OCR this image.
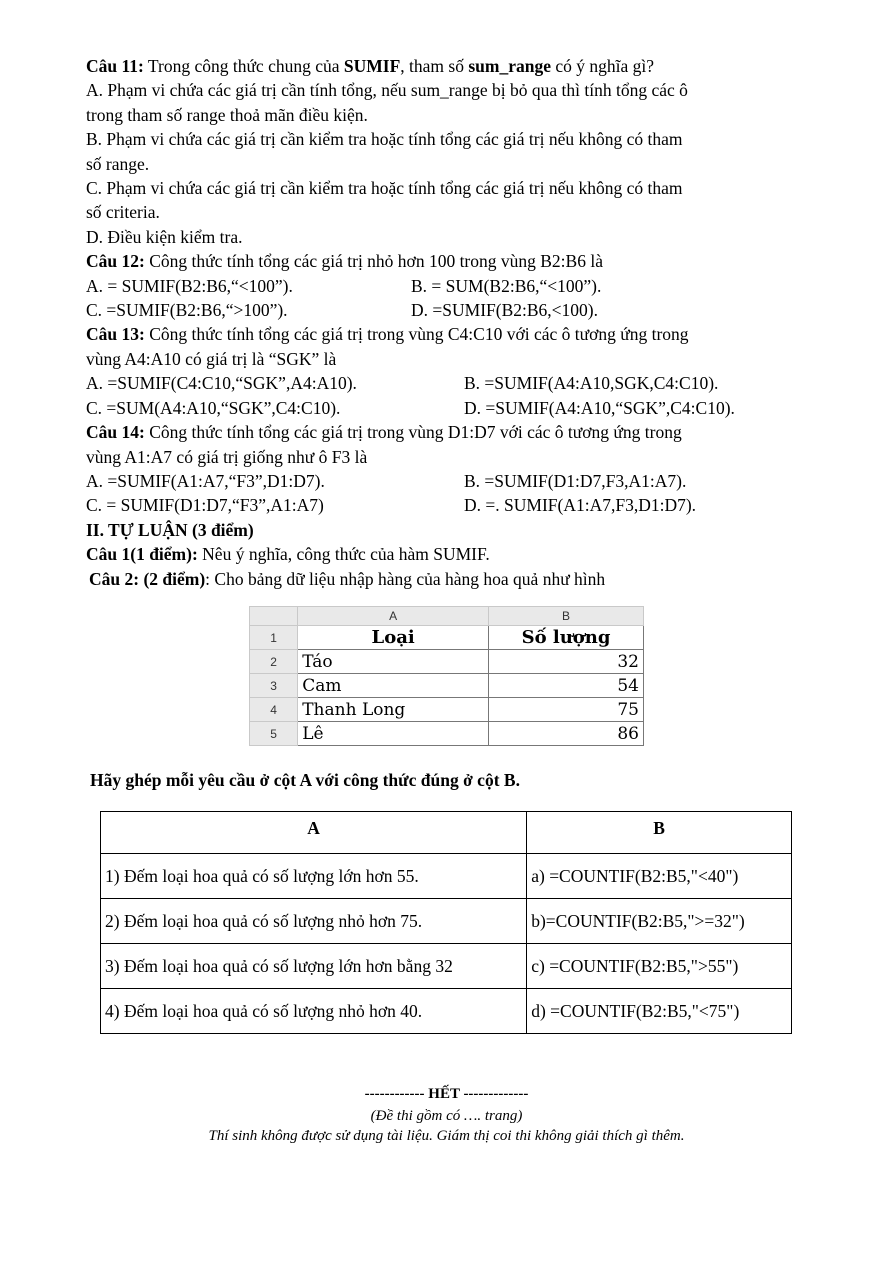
Câu 11: Trong công thức chung của SUMIF, tham số sum_range có ý nghĩa gì?
A. Phạm vi chứa các giá trị cần tính tổng, nếu sum_range bị bỏ qua thì tính tổng các ô
trong tham số range thoả mãn điều kiện.
B. Phạm vi chứa các giá trị cần kiểm tra hoặc tính tổng các giá trị nếu không có tham
số range.
C. Phạm vi chứa các giá trị cần kiểm tra hoặc tính tổng các giá trị nếu không có tham
số criteria.
D. Điều kiện kiểm tra.
Câu 12: Công thức tính tổng các giá trị nhỏ hơn 100 trong vùng B2:B6 là
A. = SUMIF(B2:B6,“<100”).	B. = SUM(B2:B6,“<100”).
C. =SUMIF(B2:B6,“>100”).	D. =SUMIF(B2:B6,<100).
Câu 13: Công thức tính tổng các giá trị trong vùng C4:C10 với các ô tương ứng trong
vùng A4:A10 có giá trị là “SGK” là
A. =SUMIF(C4:C10,“SGK”,A4:A10).	B. =SUMIF(A4:A10,SGK,C4:C10).
C. =SUM(A4:A10,“SGK”,C4:C10).	D. =SUMIF(A4:A10,“SGK”,C4:C10).
Câu 14: Công thức tính tổng các giá trị trong vùng D1:D7 với các ô tương ứng trong
vùng A1:A7 có giá trị giống như ô F3 là
A. =SUMIF(A1:A7,“F3”,D1:D7).	B. =SUMIF(D1:D7,F3,A1:A7).
C. = SUMIF(D1:D7,“F3”,A1:A7)	D. =. SUMIF(A1:A7,F3,D1:D7).
II. TỰ LUẬN (3 điểm)
Câu 1(1 điểm): Nêu ý nghĩa, công thức của hàm SUMIF.
Câu 2: (2 điểm): Cho bảng dữ liệu nhập hàng của hàng hoa quả như hình
	A	B
1	Loại	Số lượng
2	Táo	32
3	Cam	54
4	Thanh Long	75
5	Lê	86
Hãy ghép mỗi yêu cầu ở cột A với công thức đúng ở cột B.
A	B
1) Đếm loại hoa quả có số lượng lớn hơn 55.	a) =COUNTIF(B2:B5,"<40")
2) Đếm loại hoa quả có số lượng nhỏ hơn 75.	b)=COUNTIF(B2:B5,">=32")
3) Đếm loại hoa quả có số lượng lớn hơn bằng 32	c) =COUNTIF(B2:B5,">55")
4) Đếm loại hoa quả có số lượng nhỏ hơn 40.	d) =COUNTIF(B2:B5,"<75")
------------ HẾT -------------
(Đề thi gồm có …. trang)
Thí sinh không được sử dụng tài liệu. Giám thị coi thi không giải thích gì thêm.
